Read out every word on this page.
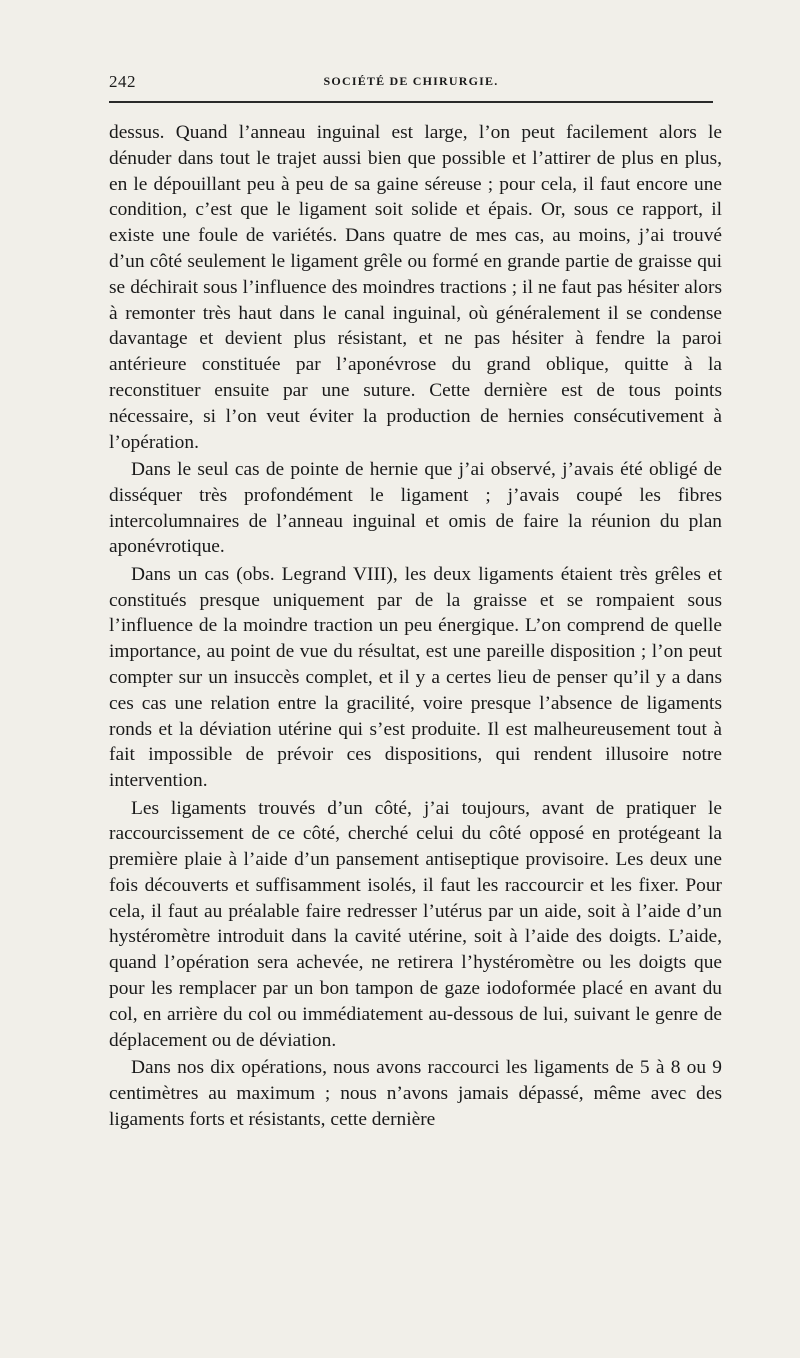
242	SOCIÉTÉ DE CHIRURGIE.

dessus. Quand l’anneau inguinal est large, l’on peut facilement alors le dénuder dans tout le trajet aussi bien que possible et l’attirer de plus en plus, en le dépouillant peu à peu de sa gaine séreuse ; pour cela, il faut encore une condition, c’est que le ligament soit solide et épais. Or, sous ce rapport, il existe une foule de variétés. Dans quatre de mes cas, au moins, j’ai trouvé d’un côté seulement le ligament grêle ou formé en grande partie de graisse qui se déchirait sous l’influence des moindres tractions ; il ne faut pas hésiter alors à remonter très haut dans le canal inguinal, où généralement il se condense davantage et devient plus résistant, et ne pas hésiter à fendre la paroi antérieure constituée par l’aponévrose du grand oblique, quitte à la reconstituer ensuite par une suture. Cette dernière est de tous points nécessaire, si l’on veut éviter la production de hernies consécutivement à l’opération.

Dans le seul cas de pointe de hernie que j’ai observé, j’avais été obligé de disséquer très profondément le ligament ; j’avais coupé les fibres intercolumnaires de l’anneau inguinal et omis de faire la réunion du plan aponévrotique.

Dans un cas (obs. Legrand VIII), les deux ligaments étaient très grêles et constitués presque uniquement par de la graisse et se rompaient sous l’influence de la moindre traction un peu énergique. L’on comprend de quelle importance, au point de vue du résultat, est une pareille disposition ; l’on peut compter sur un insuccès complet, et il y a certes lieu de penser qu’il y a dans ces cas une relation entre la gracilité, voire presque l’absence de ligaments ronds et la déviation utérine qui s’est produite. Il est malheureusement tout à fait impossible de prévoir ces dispositions, qui rendent illusoire notre intervention.

Les ligaments trouvés d’un côté, j’ai toujours, avant de pratiquer le raccourcissement de ce côté, cherché celui du côté opposé en protégeant la première plaie à l’aide d’un pansement antiseptique provisoire. Les deux une fois découverts et suffisamment isolés, il faut les raccourcir et les fixer. Pour cela, il faut au préalable faire redresser l’utérus par un aide, soit à l’aide d’un hystéromètre introduit dans la cavité utérine, soit à l’aide des doigts. L’aide, quand l’opération sera achevée, ne retirera l’hystéromètre ou les doigts que pour les remplacer par un bon tampon de gaze iodoformée placé en avant du col, en arrière du col ou immédiatement au-dessous de lui, suivant le genre de déplacement ou de déviation.

Dans nos dix opérations, nous avons raccourci les ligaments de 5 à 8 ou 9 centimètres au maximum ; nous n’avons jamais dépassé, même avec des ligaments forts et résistants, cette dernière
